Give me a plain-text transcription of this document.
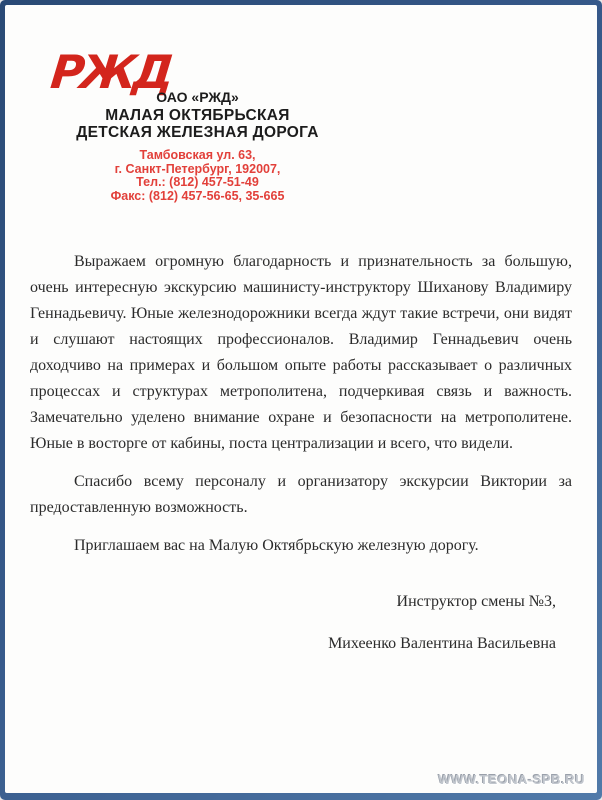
РЖД
ОАО «РЖД»
МАЛАЯ ОКТЯБРЬСКАЯ
ДЕТСКАЯ ЖЕЛЕЗНАЯ ДОРОГА
Тамбовская ул. 63,
г. Санкт-Петербург, 192007,
Тел.: (812) 457-51-49
Факс: (812) 457-56-65, 35-665

Выражаем огромную благодарность и признательность за большую, очень интересную экскурсию машинисту-инструктору Шиханову Владимиру Геннадьевичу. Юные железнодорожники всегда ждут такие встречи, они видят и слушают настоящих профессионалов. Владимир Геннадьевич очень доходчиво на примерах и большом опыте работы рассказывает о различных процессах и структурах метрополитена, подчеркивая связь и важность. Замечательно уделено внимание охране и безопасности на метрополитене. Юные в восторге от кабины, поста централизации и всего, что видели.

Спасибо всему персоналу и организатору экскурсии Виктории за предоставленную возможность.

Приглашаем вас на Малую Октябрьскую железную дорогу.

Инструктор смены №3,
Михеенко Валентина Васильевна
WWW.TEONA-SPB.RU
